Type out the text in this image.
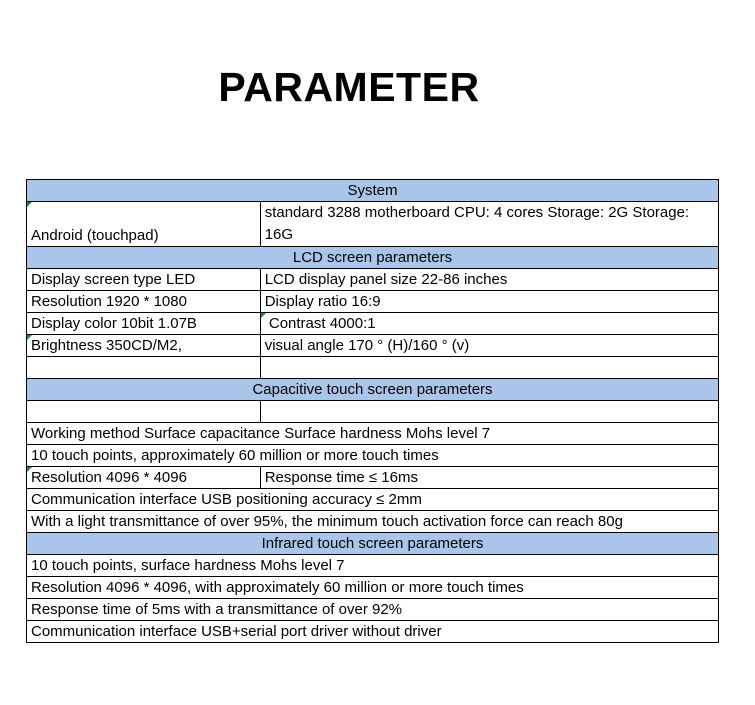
PARAMETER
System	
Android (touchpad)	standard 3288 motherboard CPU: 4 cores Storage: 2G Storage: 16G
LCD screen parameters	
Display screen type LED	LCD display panel size 22-86 inches
Resolution 1920 * 1080	Display ratio 16:9
Display color 10bit 1.07B	Contrast 4000:1
Brightness 350CD/M2,	visual angle 170 ° (H)/160 ° (v)

Capacitive touch screen parameters	

Working method Surface capacitance Surface hardness Mohs level 7	
10 touch points, approximately 60 million or more touch times	
Resolution 4096 * 4096	Response time ≤ 16ms
Communication interface USB positioning accuracy ≤ 2mm	
With a light transmittance of over 95%, the minimum touch activation force can reach 80g	
Infrared touch screen parameters	
10 touch points, surface hardness Mohs level 7	
Resolution 4096 * 4096, with approximately 60 million or more touch times	
Response time of 5ms with a transmittance of over 92%	
Communication interface USB+serial port driver without driver	
